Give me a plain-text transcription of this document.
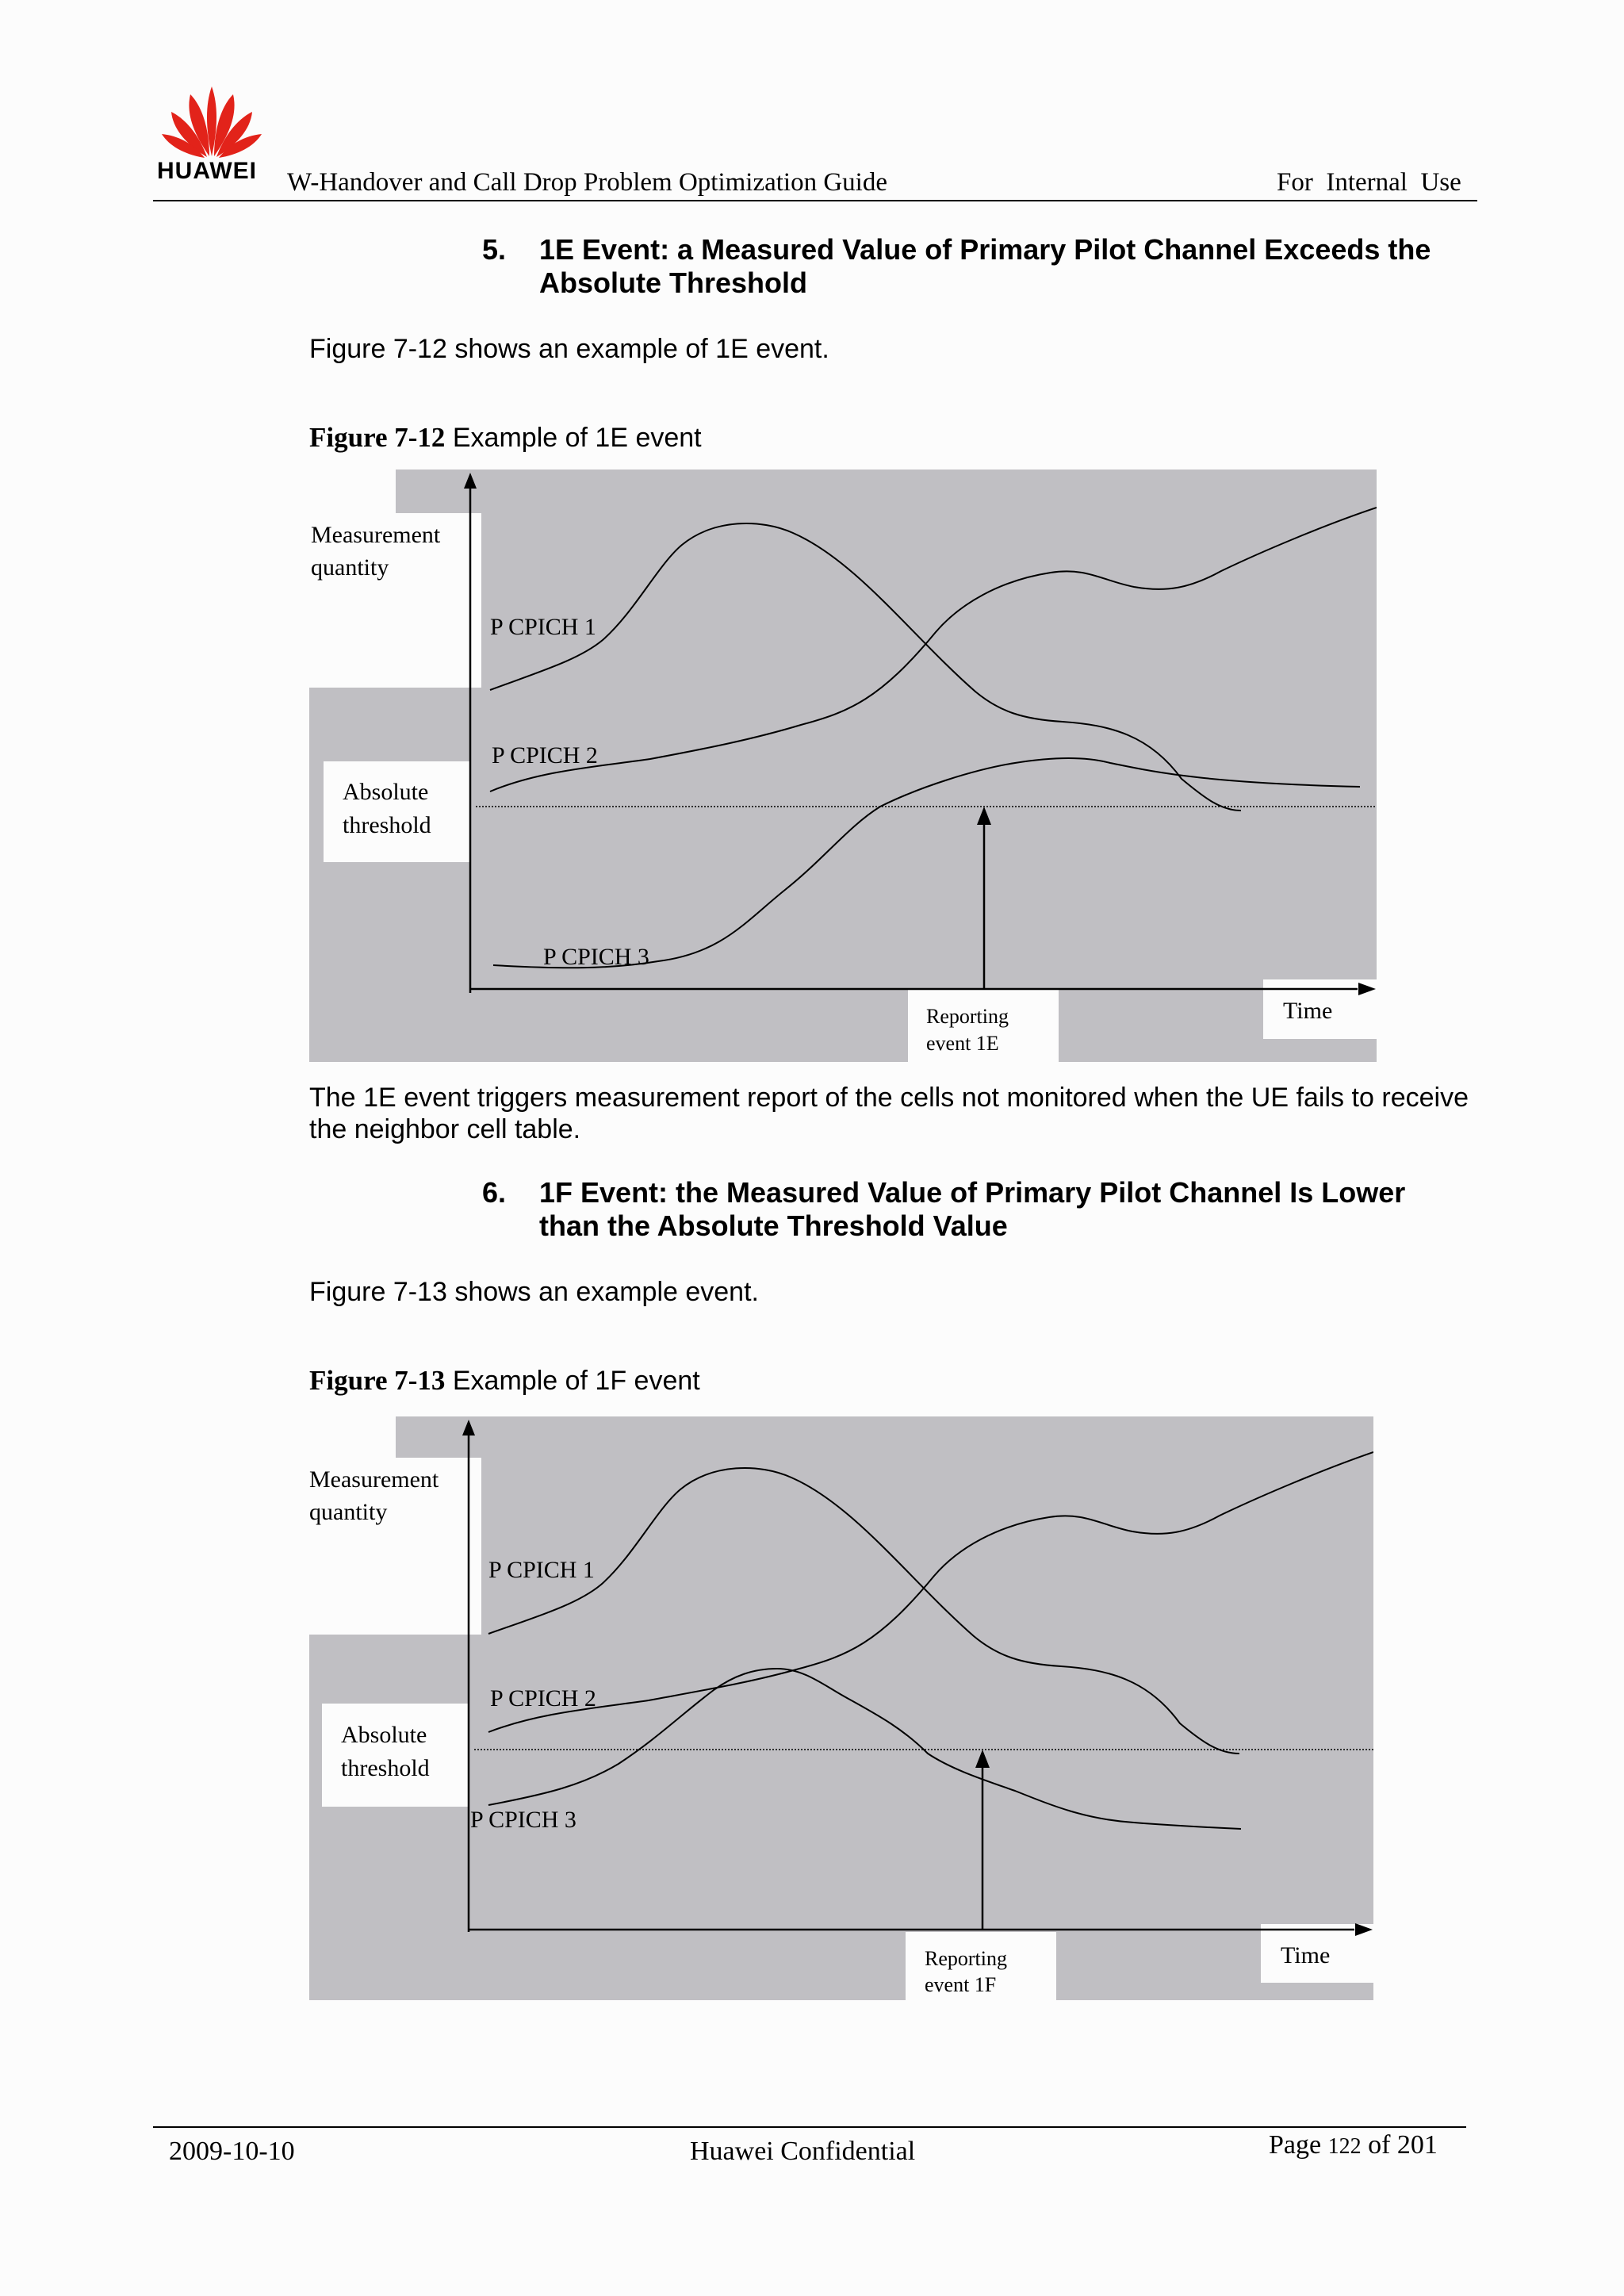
HUAWEI W-Handover and Call Drop Problem Optimization Guide	For  Internal  Use
5. 1E Event: a Measured Value of Primary Pilot Channel Exceeds the Absolute Threshold
Figure 7-12 shows an example of 1E event.
Figure 7-12 Example of 1E event
Measurement
quantity
P CPICH 1
P CPICH 2
P CPICH 3
Absolute
threshold
Reporting
event 1E
Time
The 1E event triggers measurement report of the cells not monitored when the UE fails to receive the neighbor cell table.
6. 1F Event: the Measured Value of Primary Pilot Channel Is Lower than the Absolute Threshold Value
Figure 7-13 shows an example event.
Figure 7-13 Example of 1F event
Measurement
quantity
P CPICH 1
P CPICH 2
P CPICH 3
Absolute
threshold
Reporting
event 1F
Time
2009-10-10	Huawei Confidential	Page 122 of 201
